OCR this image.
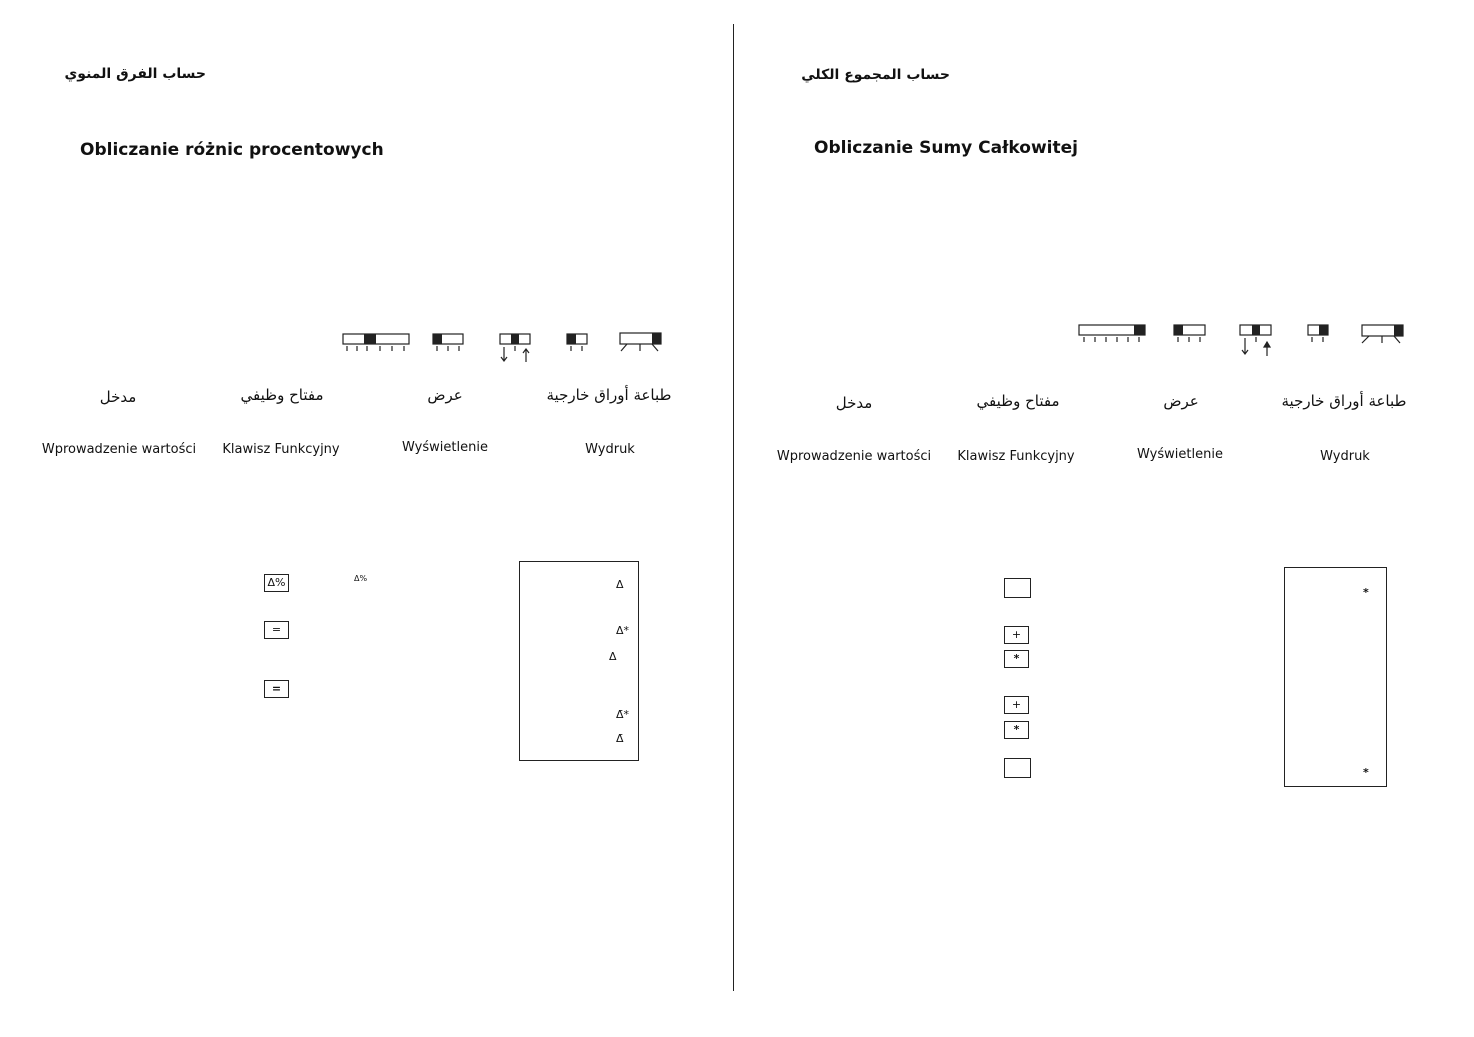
حساب الفرق المنوي
Obliczanie różnic procentowych
مدخل	مفتاح وظيفي	عرض	طباعة أوراق خارجية
Wprowadzenie wartości	Klawisz Funkcyjny	Wyświetlenie	Wydruk
Δ%
=
=
Δ%	Δ
Δ*
Δ
Δ̄*
Δ̄
حساب المجموع الكلي
Obliczanie Sumy Całkowitej
مدخل	مفتاح وظيفي	عرض	طباعة أوراق خارجية
Wprowadzenie wartości	Klawisz Funkcyjny	Wyświetlenie	Wydruk
+
*
+
*
*
*
